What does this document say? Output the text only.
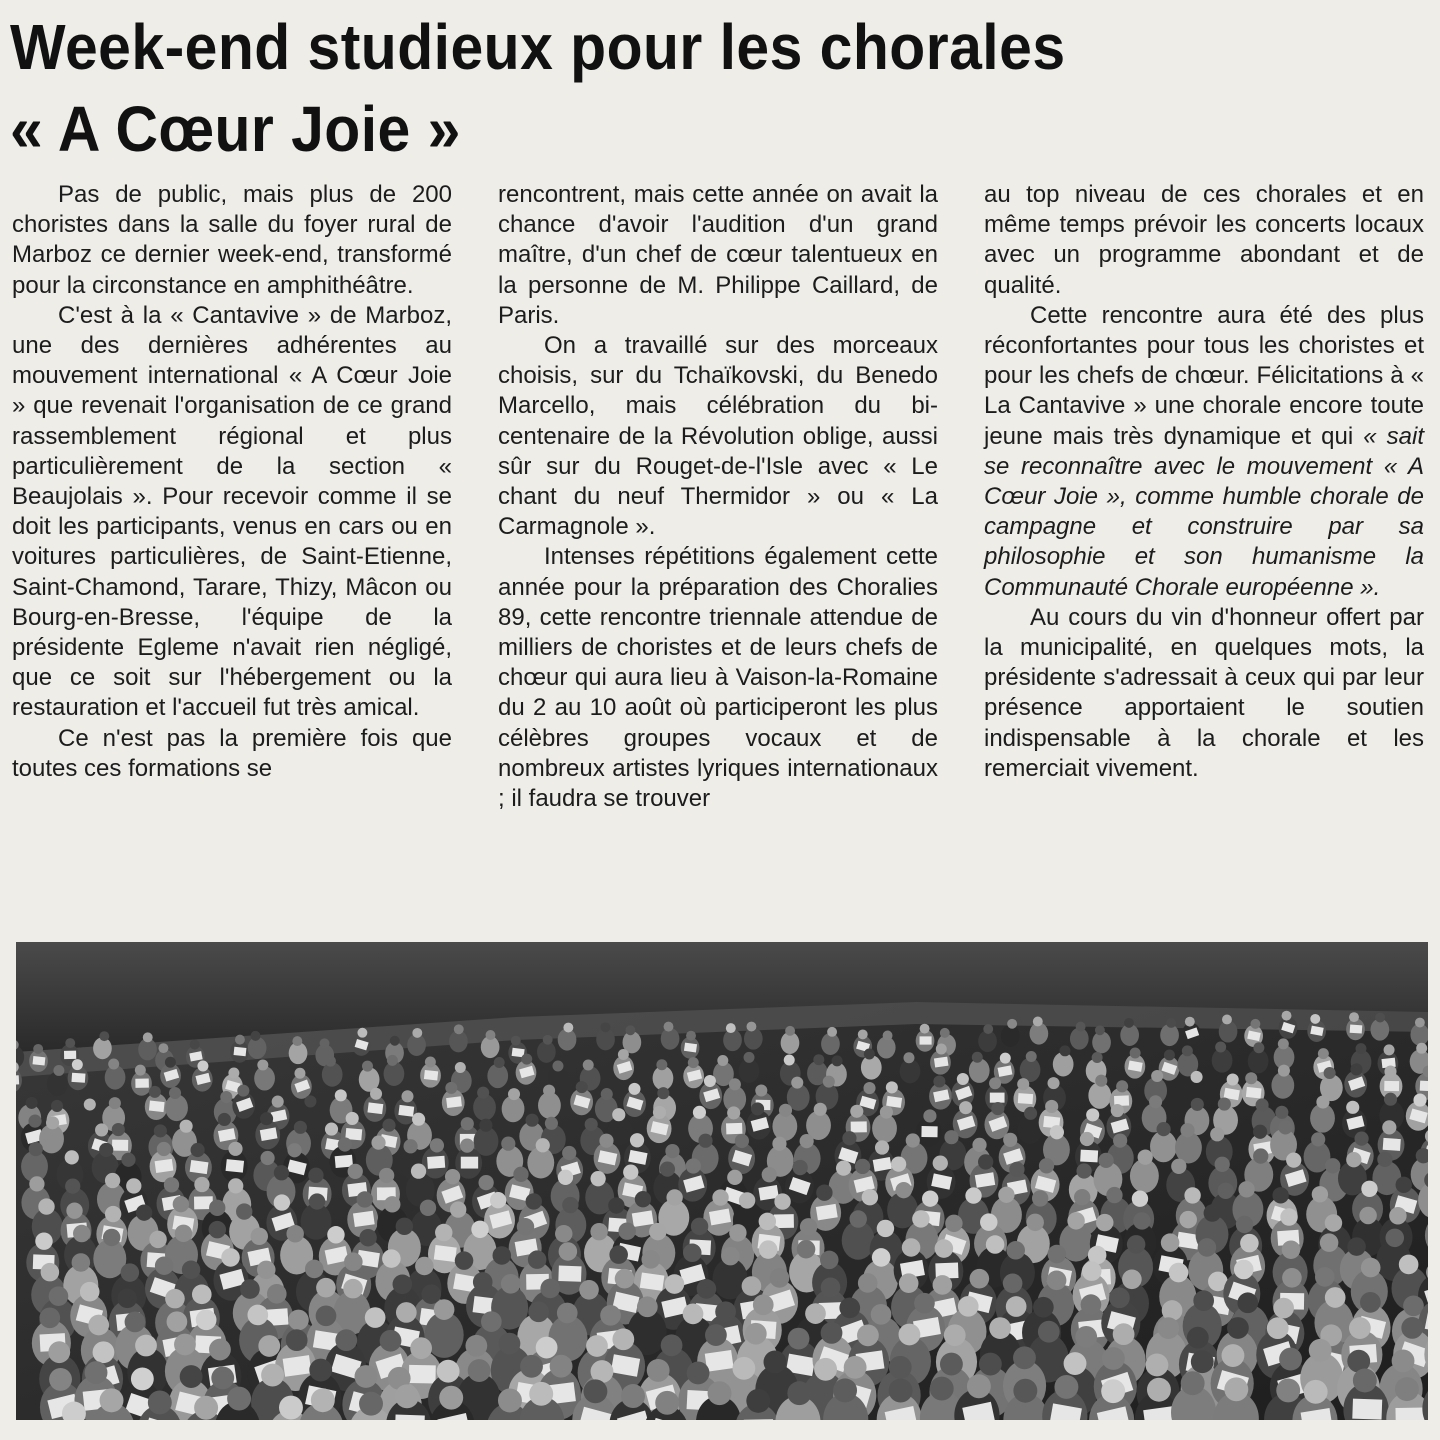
Week-end studieux pour les chorales
« A Cœur Joie »

Pas de public, mais plus de 200 choristes dans la salle du foyer rural de Marboz ce dernier week-end, transformé pour la circonstance en amphithéâtre.

C'est à la « Cantavive » de Marboz, une des dernières adhérentes au mouvement international « A Cœur Joie » que revenait l'organisation de ce grand rassemblement régional et plus particulièrement de la section « Beaujolais ». Pour recevoir comme il se doit les participants, venus en cars ou en voitures particulières, de Saint-Etienne, Saint-Chamond, Tarare, Thizy, Mâcon ou Bourg-en-Bresse, l'équipe de la présidente Egleme n'avait rien négligé, que ce soit sur l'hébergement ou la restauration et l'accueil fut très amical.

Ce n'est pas la première fois que toutes ces formations se

rencontrent, mais cette année on avait la chance d'avoir l'audition d'un grand maître, d'un chef de cœur talentueux en la personne de M. Philippe Caillard, de Paris.

On a travaillé sur des morceaux choisis, sur du Tchaïkovski, du Benedo Marcello, mais célébration du bi-centenaire de la Révolution oblige, aussi sûr sur du Rouget-de-l'Isle avec « Le chant du neuf Thermidor » ou « La Carmagnole ».

Intenses répétitions également cette année pour la préparation des Choralies 89, cette rencontre triennale attendue de milliers de choristes et de leurs chefs de chœur qui aura lieu à Vaison-la-Romaine du 2 au 10 août où participeront les plus célèbres groupes vocaux et de nombreux artistes lyriques internationaux ; il faudra se trouver

au top niveau de ces chorales et en même temps prévoir les concerts locaux avec un programme abondant et de qualité.

Cette rencontre aura été des plus réconfortantes pour tous les choristes et pour les chefs de chœur. Félicitations à « La Cantavive » une chorale encore toute jeune mais très dynamique et qui « sait se reconnaître avec le mouvement « A Cœur Joie », comme humble chorale de campagne et construire par sa philosophie et son humanisme la Communauté Chorale européenne ».

Au cours du vin d'honneur offert par la municipalité, en quelques mots, la présidente s'adressait à ceux qui par leur présence apportaient le soutien indispensable à la chorale et les remerciait vivement.
